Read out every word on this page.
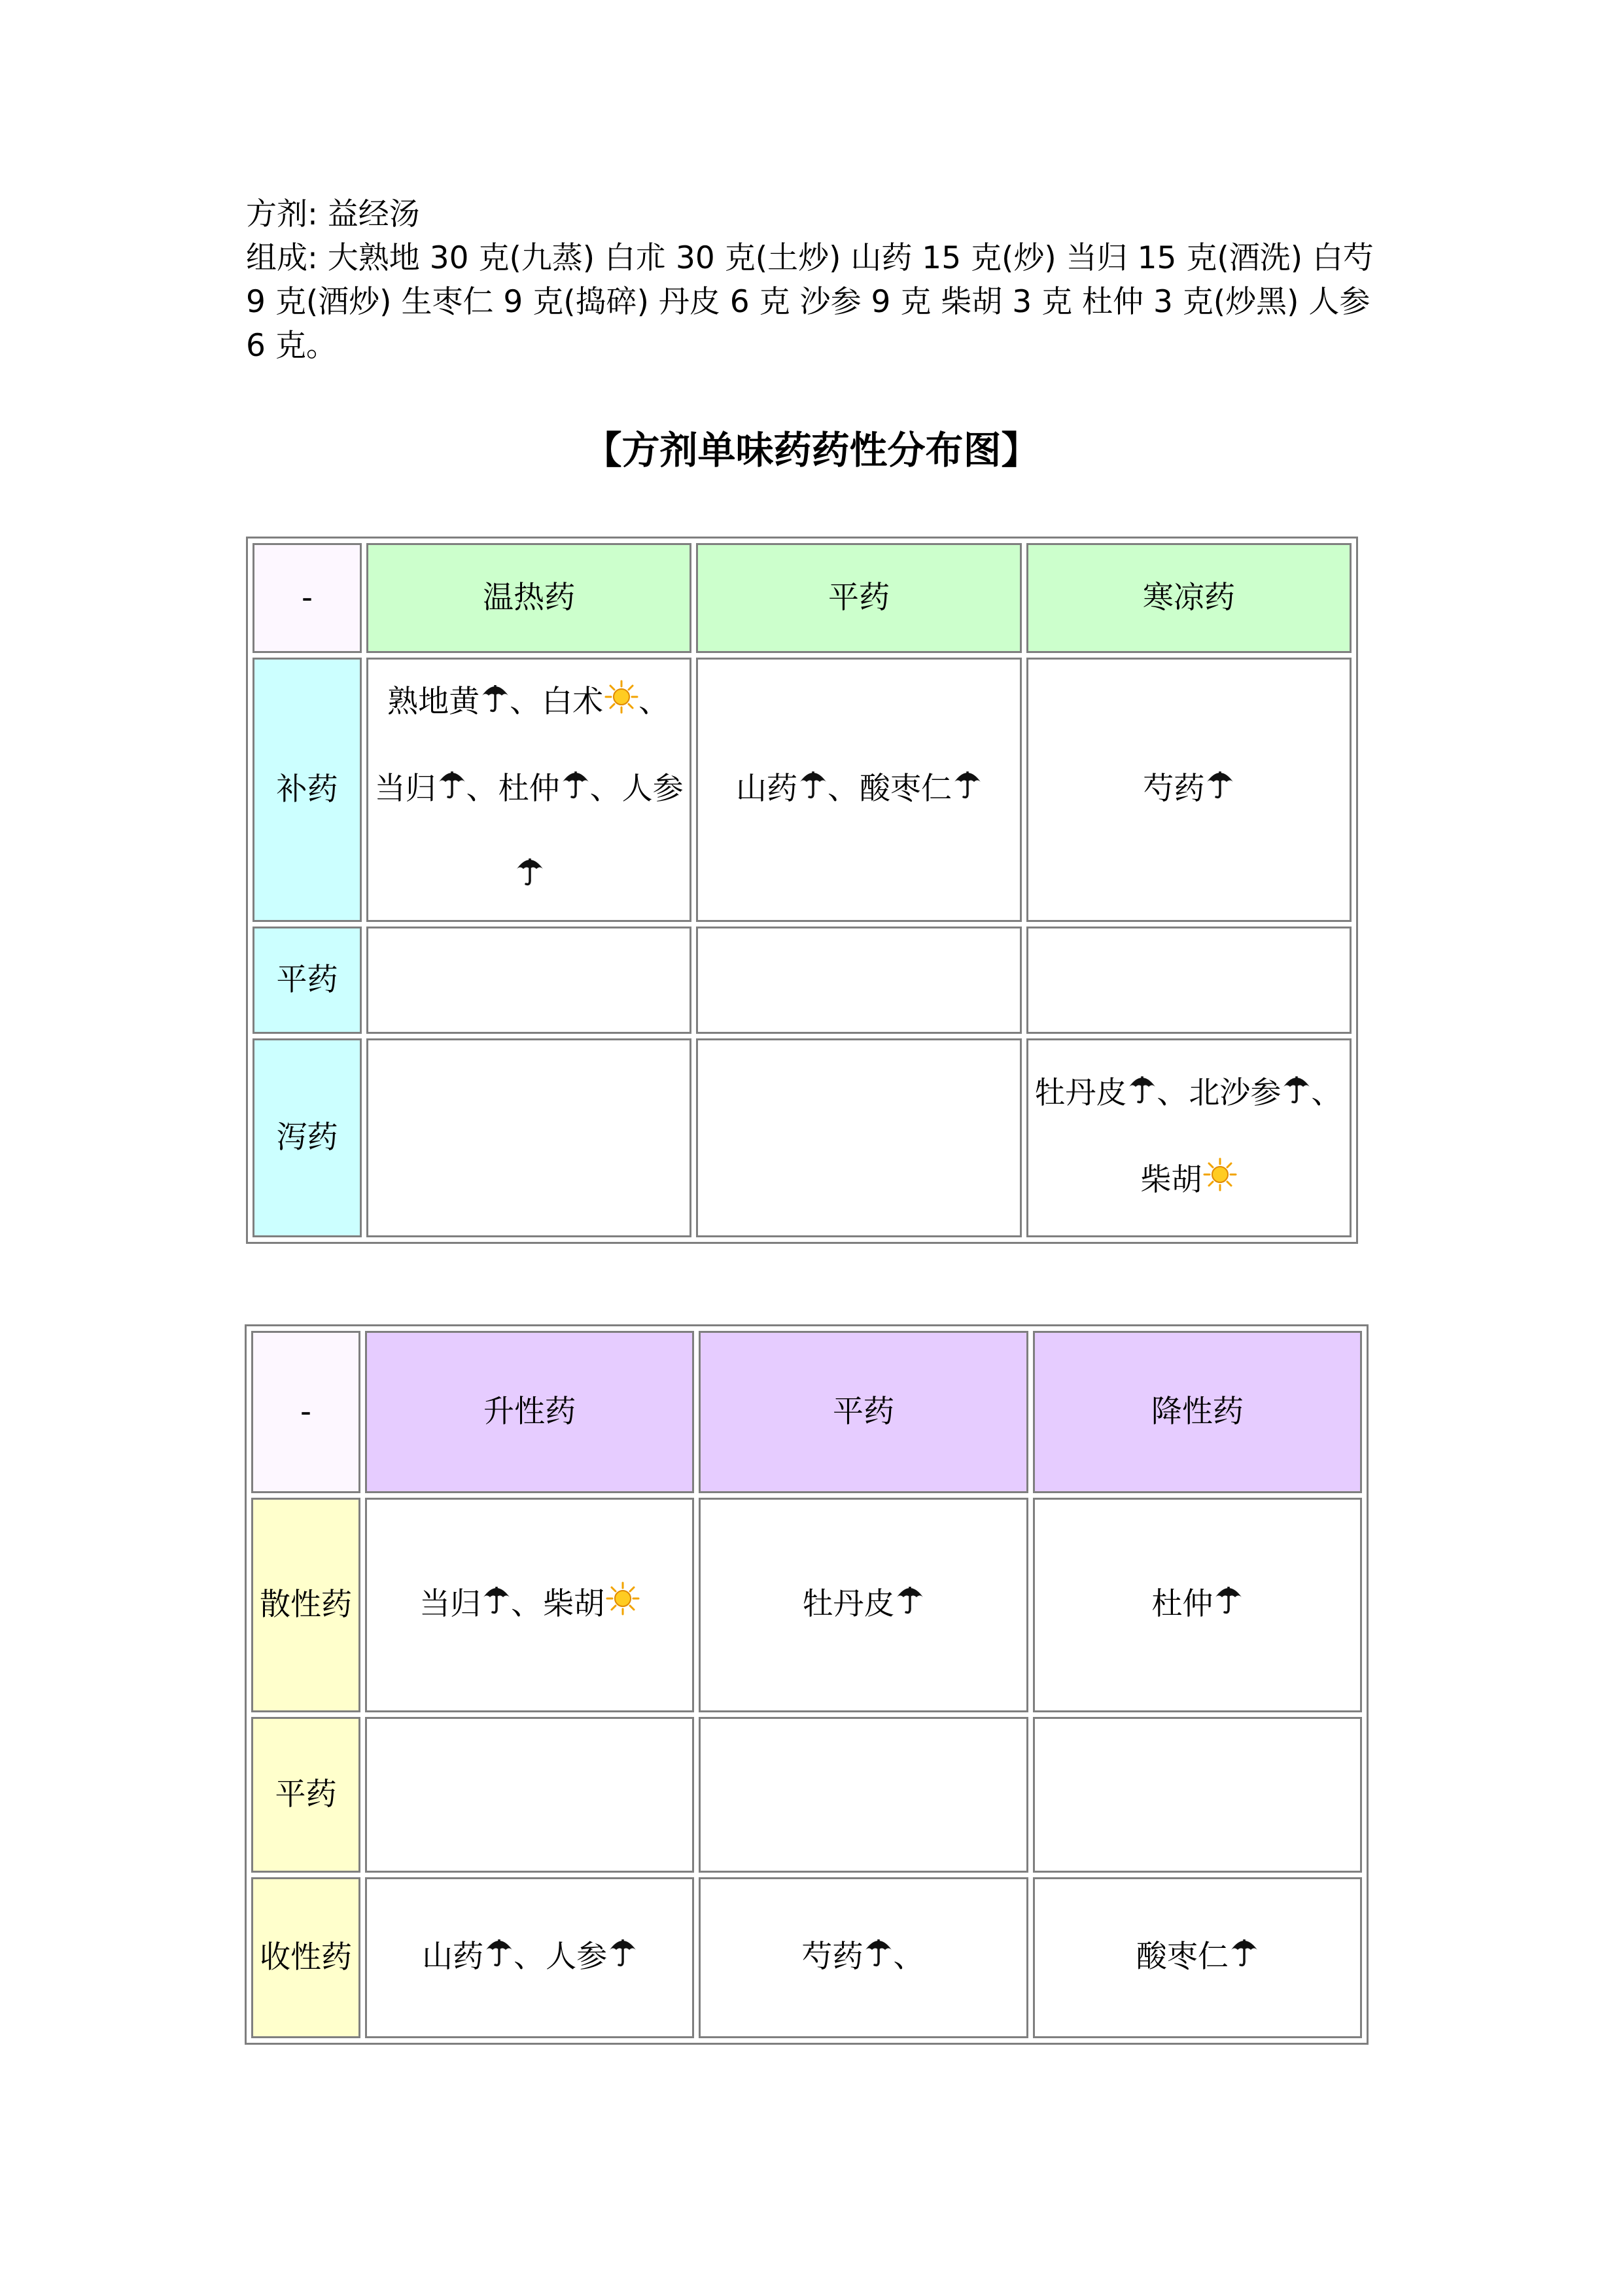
方剂: 益经汤

组成: 大熟地 30 克(九蒸) 白朮 30 克(土炒) 山药 15 克(炒) 当归 15 克(酒洗) 白芍 9 克(酒炒) 生枣仁 9 克(捣碎) 丹皮 6 克 沙参 9 克 柴胡 3 克 杜仲 3 克(炒黑) 人参 6 克。

【方剂单味药药性分布图】
-	温热药	平药	寒凉药
补药	熟地黄 、白术 、当归 、杜仲 、人参	山药 、酸枣仁	芍药
平药			
泻药			牡丹皮 、北沙参 、柴胡
-	升性药	平药	降性药
散性药	当归 、柴胡	牡丹皮	杜仲
平药			
收性药	山药 、人参	芍药 、	酸枣仁
